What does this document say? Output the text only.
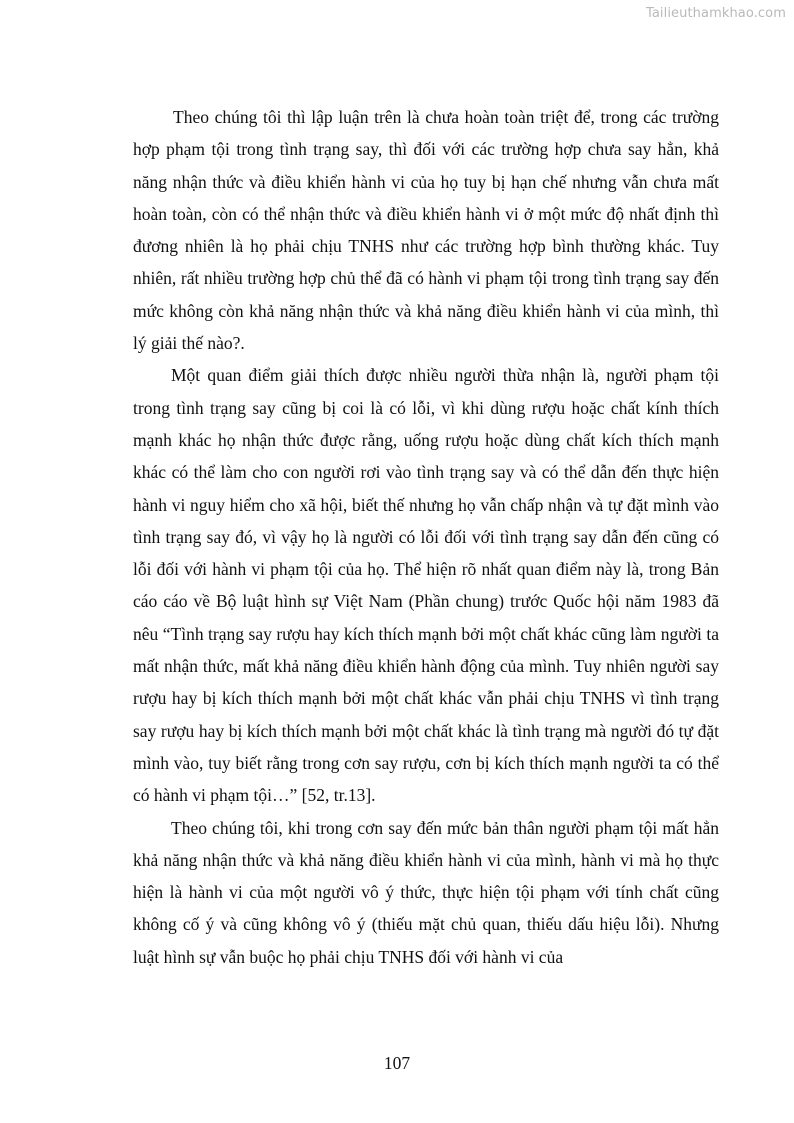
Tailieuthamkhao.com

Theo chúng tôi thì lập luận trên là chưa hoàn toàn triệt để, trong các trường hợp phạm tội trong tình trạng say, thì đối với các trường hợp chưa say hẳn, khả năng nhận thức và điều khiển hành vi của họ tuy bị hạn chế nhưng vẫn chưa mất hoàn toàn, còn có thể nhận thức và điều khiển hành vi ở một mức độ nhất định thì đương nhiên là họ phải chịu TNHS như các trường hợp bình thường khác. Tuy nhiên, rất nhiều trường hợp chủ thể đã có hành vi phạm tội trong tình trạng say đến mức không còn khả năng nhận thức và khả năng điều khiển hành vi của mình, thì lý giải thế nào?.

Một quan điểm giải thích được nhiều người thừa nhận là, người phạm tội trong tình trạng say cũng bị coi là có lỗi, vì khi dùng rượu hoặc chất kính thích mạnh khác họ nhận thức được rằng, uống rượu hoặc dùng chất kích thích mạnh khác có thể làm cho con người rơi vào tình trạng say và có thể dẫn đến thực hiện hành vi nguy hiểm cho xã hội, biết thế nhưng họ vẫn chấp nhận và tự đặt mình vào tình trạng say đó, vì vậy họ là người có lỗi đối với tình trạng say dẫn đến cũng có lỗi đối với hành vi phạm tội của họ. Thể hiện rõ nhất quan điểm này là, trong Bản cáo cáo về Bộ luật hình sự Việt Nam (Phần chung) trước Quốc hội năm 1983 đã nêu “Tình trạng say rượu hay kích thích mạnh bởi một chất khác cũng làm người ta mất nhận thức, mất khả năng điều khiển hành động của mình. Tuy nhiên người say rượu hay bị kích thích mạnh bởi một chất khác vẫn phải chịu TNHS vì tình trạng say rượu hay bị kích thích mạnh bởi một chất khác là tình trạng mà người đó tự đặt mình vào, tuy biết rằng trong cơn say rượu, cơn bị kích thích mạnh người ta có thể có hành vi phạm tội…” [52, tr.13].

Theo chúng tôi, khi trong cơn say đến mức bản thân người phạm tội mất hẳn khả năng nhận thức và khả năng điều khiển hành vi của mình, hành vi mà họ thực hiện là hành vi của một người vô ý thức, thực hiện tội phạm với tính chất cũng không cố ý và cũng không vô ý (thiếu mặt chủ quan, thiếu dấu hiệu lỗi). Nhưng luật hình sự vẫn buộc họ phải chịu TNHS đối với hành vi của

107
